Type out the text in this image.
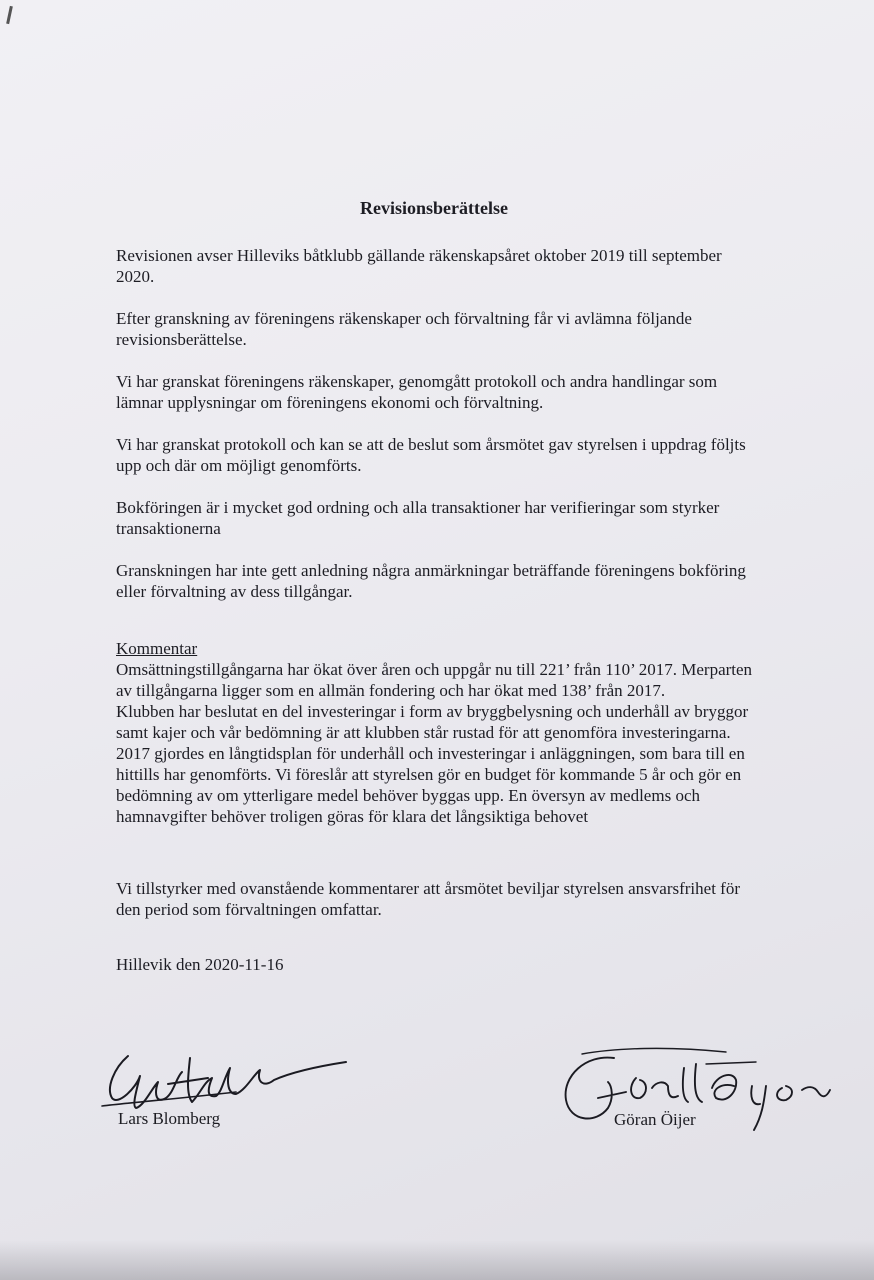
Revisionsberättelse
Revisionen avser Hilleviks båtklubb gällande räkenskapsåret oktober 2019 till september
2020.
Efter granskning av föreningens räkenskaper och förvaltning får vi avlämna följande
revisionsberättelse.
Vi har granskat föreningens räkenskaper, genomgått protokoll och andra handlingar som
lämnar upplysningar om föreningens ekonomi och förvaltning.
Vi har granskat protokoll och kan se att de beslut som årsmötet gav styrelsen i uppdrag följts
upp och där om möjligt genomförts.
Bokföringen är i mycket god ordning och alla transaktioner har verifieringar som styrker
transaktionerna
Granskningen har inte gett anledning några anmärkningar beträffande föreningens bokföring
eller förvaltning av dess tillgångar.
Kommentar
Omsättningstillgångarna har ökat över åren och uppgår nu till 221’ från 110’ 2017. Merparten
av tillgångarna ligger som en allmän fondering och har ökat med 138’ från 2017.
Klubben har beslutat en del investeringar i form av bryggbelysning och underhåll av bryggor
samt kajer och vår bedömning är att klubben står rustad för att genomföra investeringarna.
2017 gjordes en långtidsplan för underhåll och investeringar i anläggningen, som bara till en
hittills har genomförts. Vi föreslår att styrelsen gör en budget för kommande 5 år och gör en
bedömning av om ytterligare medel behöver byggas upp. En översyn av medlems och
hamnavgifter behöver troligen göras för klara det långsiktiga behovet
Vi tillstyrker med ovanstående kommentarer att årsmötet beviljar styrelsen ansvarsfrihet för
den period som förvaltningen omfattar.
Hillevik den 2020-11-16
Lars Blomberg	Göran Öijer
